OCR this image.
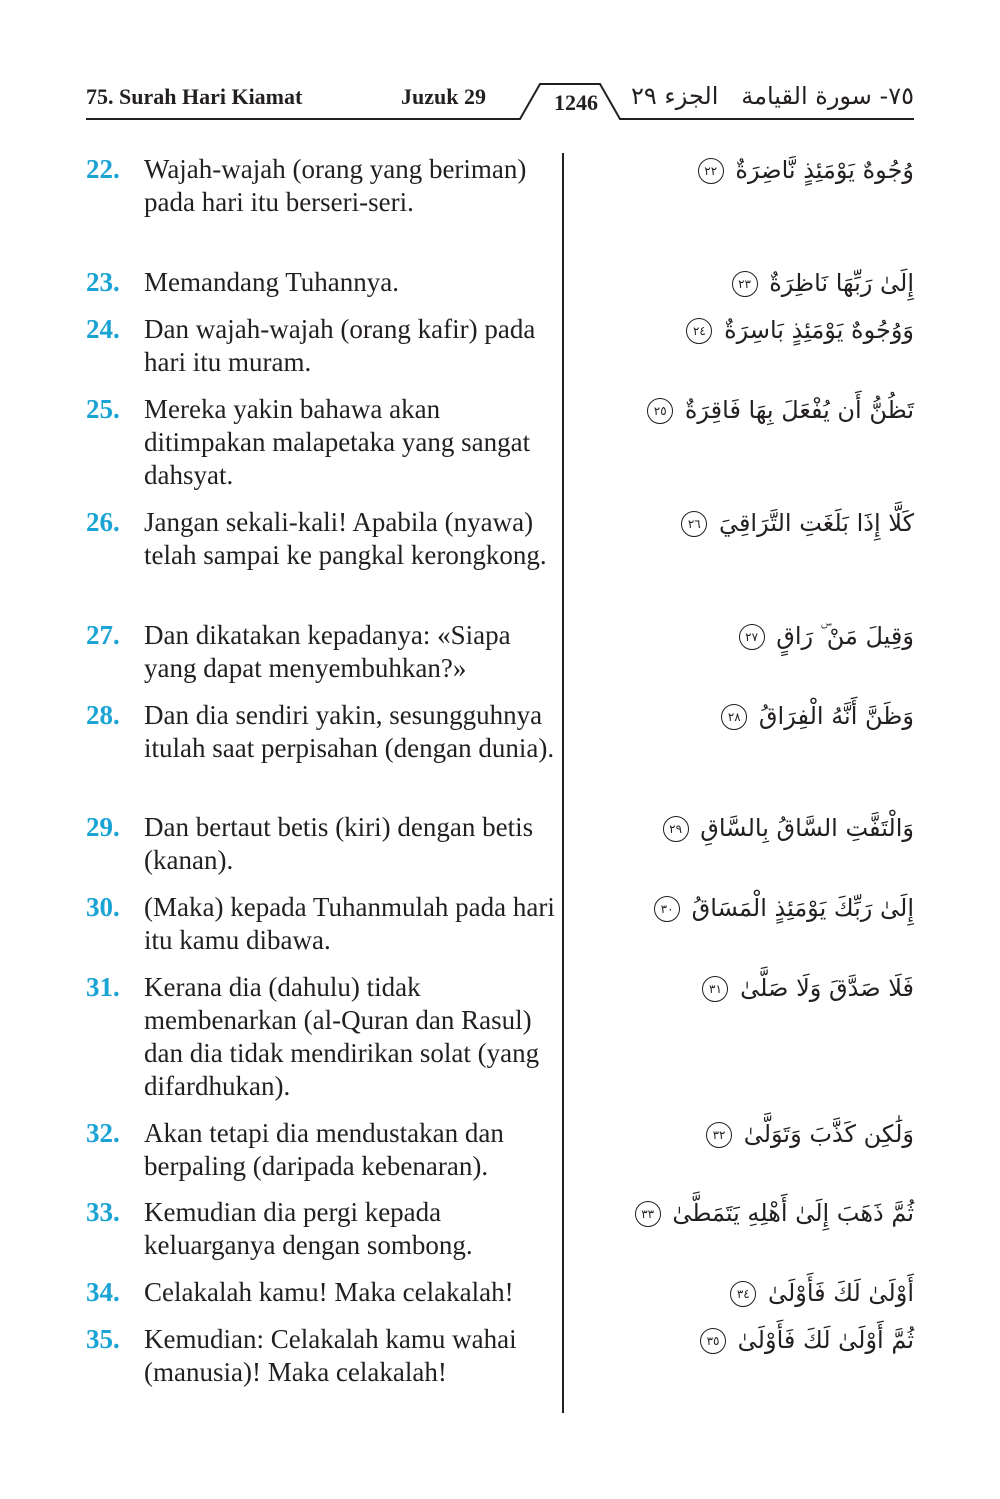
75. Surah Hari Kiamat	Juzuk 29	1246	الجزء ٢٩ ٧٥- سورة القيامة
22. Wajah-wajah (orang yang beriman) pada hari itu berseri-seri.
وُجُوهٌ يَوْمَئِذٍ نَّاضِرَةٌ ٢٢
23. Memandang Tuhannya.	إِلَىٰ رَبِّهَا نَاظِرَةٌ ٢٣
24. Dan wajah-wajah (orang kafir) pada hari itu muram.
وَوُجُوهٌ يَوْمَئِذٍ بَاسِرَةٌ ٢٤
25. Mereka yakin bahawa akan ditimpakan malapetaka yang sangat dahsyat.
تَظُنُّ أَن يُفْعَلَ بِهَا فَاقِرَةٌ ٢٥
26. Jangan sekali-kali! Apabila (nyawa) telah sampai ke pangkal kerongkong.
كَلَّا إِذَا بَلَغَتِ التَّرَاقِيَ ٢٦
27. Dan dikatakan kepadanya: «Siapa yang dapat menyembuhkan?»
وَقِيلَ مَنْ ۜ رَاقٍ ٢٧
28. Dan dia sendiri yakin, sesungguhnya itulah saat perpisahan (dengan dunia).
وَظَنَّ أَنَّهُ الْفِرَاقُ ٢٨
29. Dan bertaut betis (kiri) dengan betis (kanan).
وَالْتَفَّتِ السَّاقُ بِالسَّاقِ ٢٩
30. (Maka) kepada Tuhanmulah pada hari itu kamu dibawa.
إِلَىٰ رَبِّكَ يَوْمَئِذٍ الْمَسَاقُ ٣٠
31. Kerana dia (dahulu) tidak membenarkan (al-Quran dan Rasul) dan dia tidak mendirikan solat (yang difardhukan).
فَلَا صَدَّقَ وَلَا صَلَّىٰ ٣١
32. Akan tetapi dia mendustakan dan berpaling (daripada kebenaran).
وَلَٰكِن كَذَّبَ وَتَوَلَّىٰ ٣٢
33. Kemudian dia pergi kepada keluarganya dengan sombong.
ثُمَّ ذَهَبَ إِلَىٰ أَهْلِهِ يَتَمَطَّىٰ ٣٣
34. Celakalah kamu! Maka celakalah!	أَوْلَىٰ لَكَ فَأَوْلَىٰ ٣٤
35. Kemudian: Celakalah kamu wahai (manusia)! Maka celakalah!
ثُمَّ أَوْلَىٰ لَكَ فَأَوْلَىٰ ٣٥
